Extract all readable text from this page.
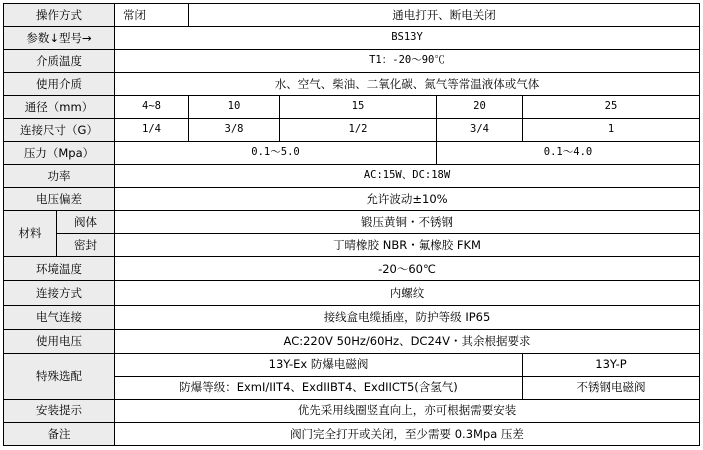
操作方式		常闭	通电打开、断电关闭			
参数↓型号→		BS13Y				
介质温度		T1：-20～90℃				
使用介质		水、空气、柴油、二氧化碳、氮气等常温液体或气体				
通径（mm）		4~8	10	15	20	25
连接尺寸（G）		1/4	3/8	1/2	3/4	1
压力（Mpa）		0.1～5.0			0.1～4.0	
功率		AC:15W、DC:18W				
电压偏差		允许波动±10%				
材料	阀体	锻压黄铜・不锈钢				
	密封	丁晴橡胶 NBR・氟橡胶 FKM				
环境温度		-20～60℃				
连接方式		内螺纹				
电气连接		接线盒电缆插座，防护等级 IP65				
使用电压		AC:220V 50Hz/60Hz、DC24V・其余根据要求				
特殊选配		13Y-Ex 防爆电磁阀				13Y-P
		防爆等级：ExmI/IIT4、ExdIIBT4、ExdIICT5(含氢气)				不锈钢电磁阀
安装提示		优先采用线圈竖直向上，亦可根据需要安装				
备注		阀门完全打开或关闭，至少需要 0.3Mpa 压差				
